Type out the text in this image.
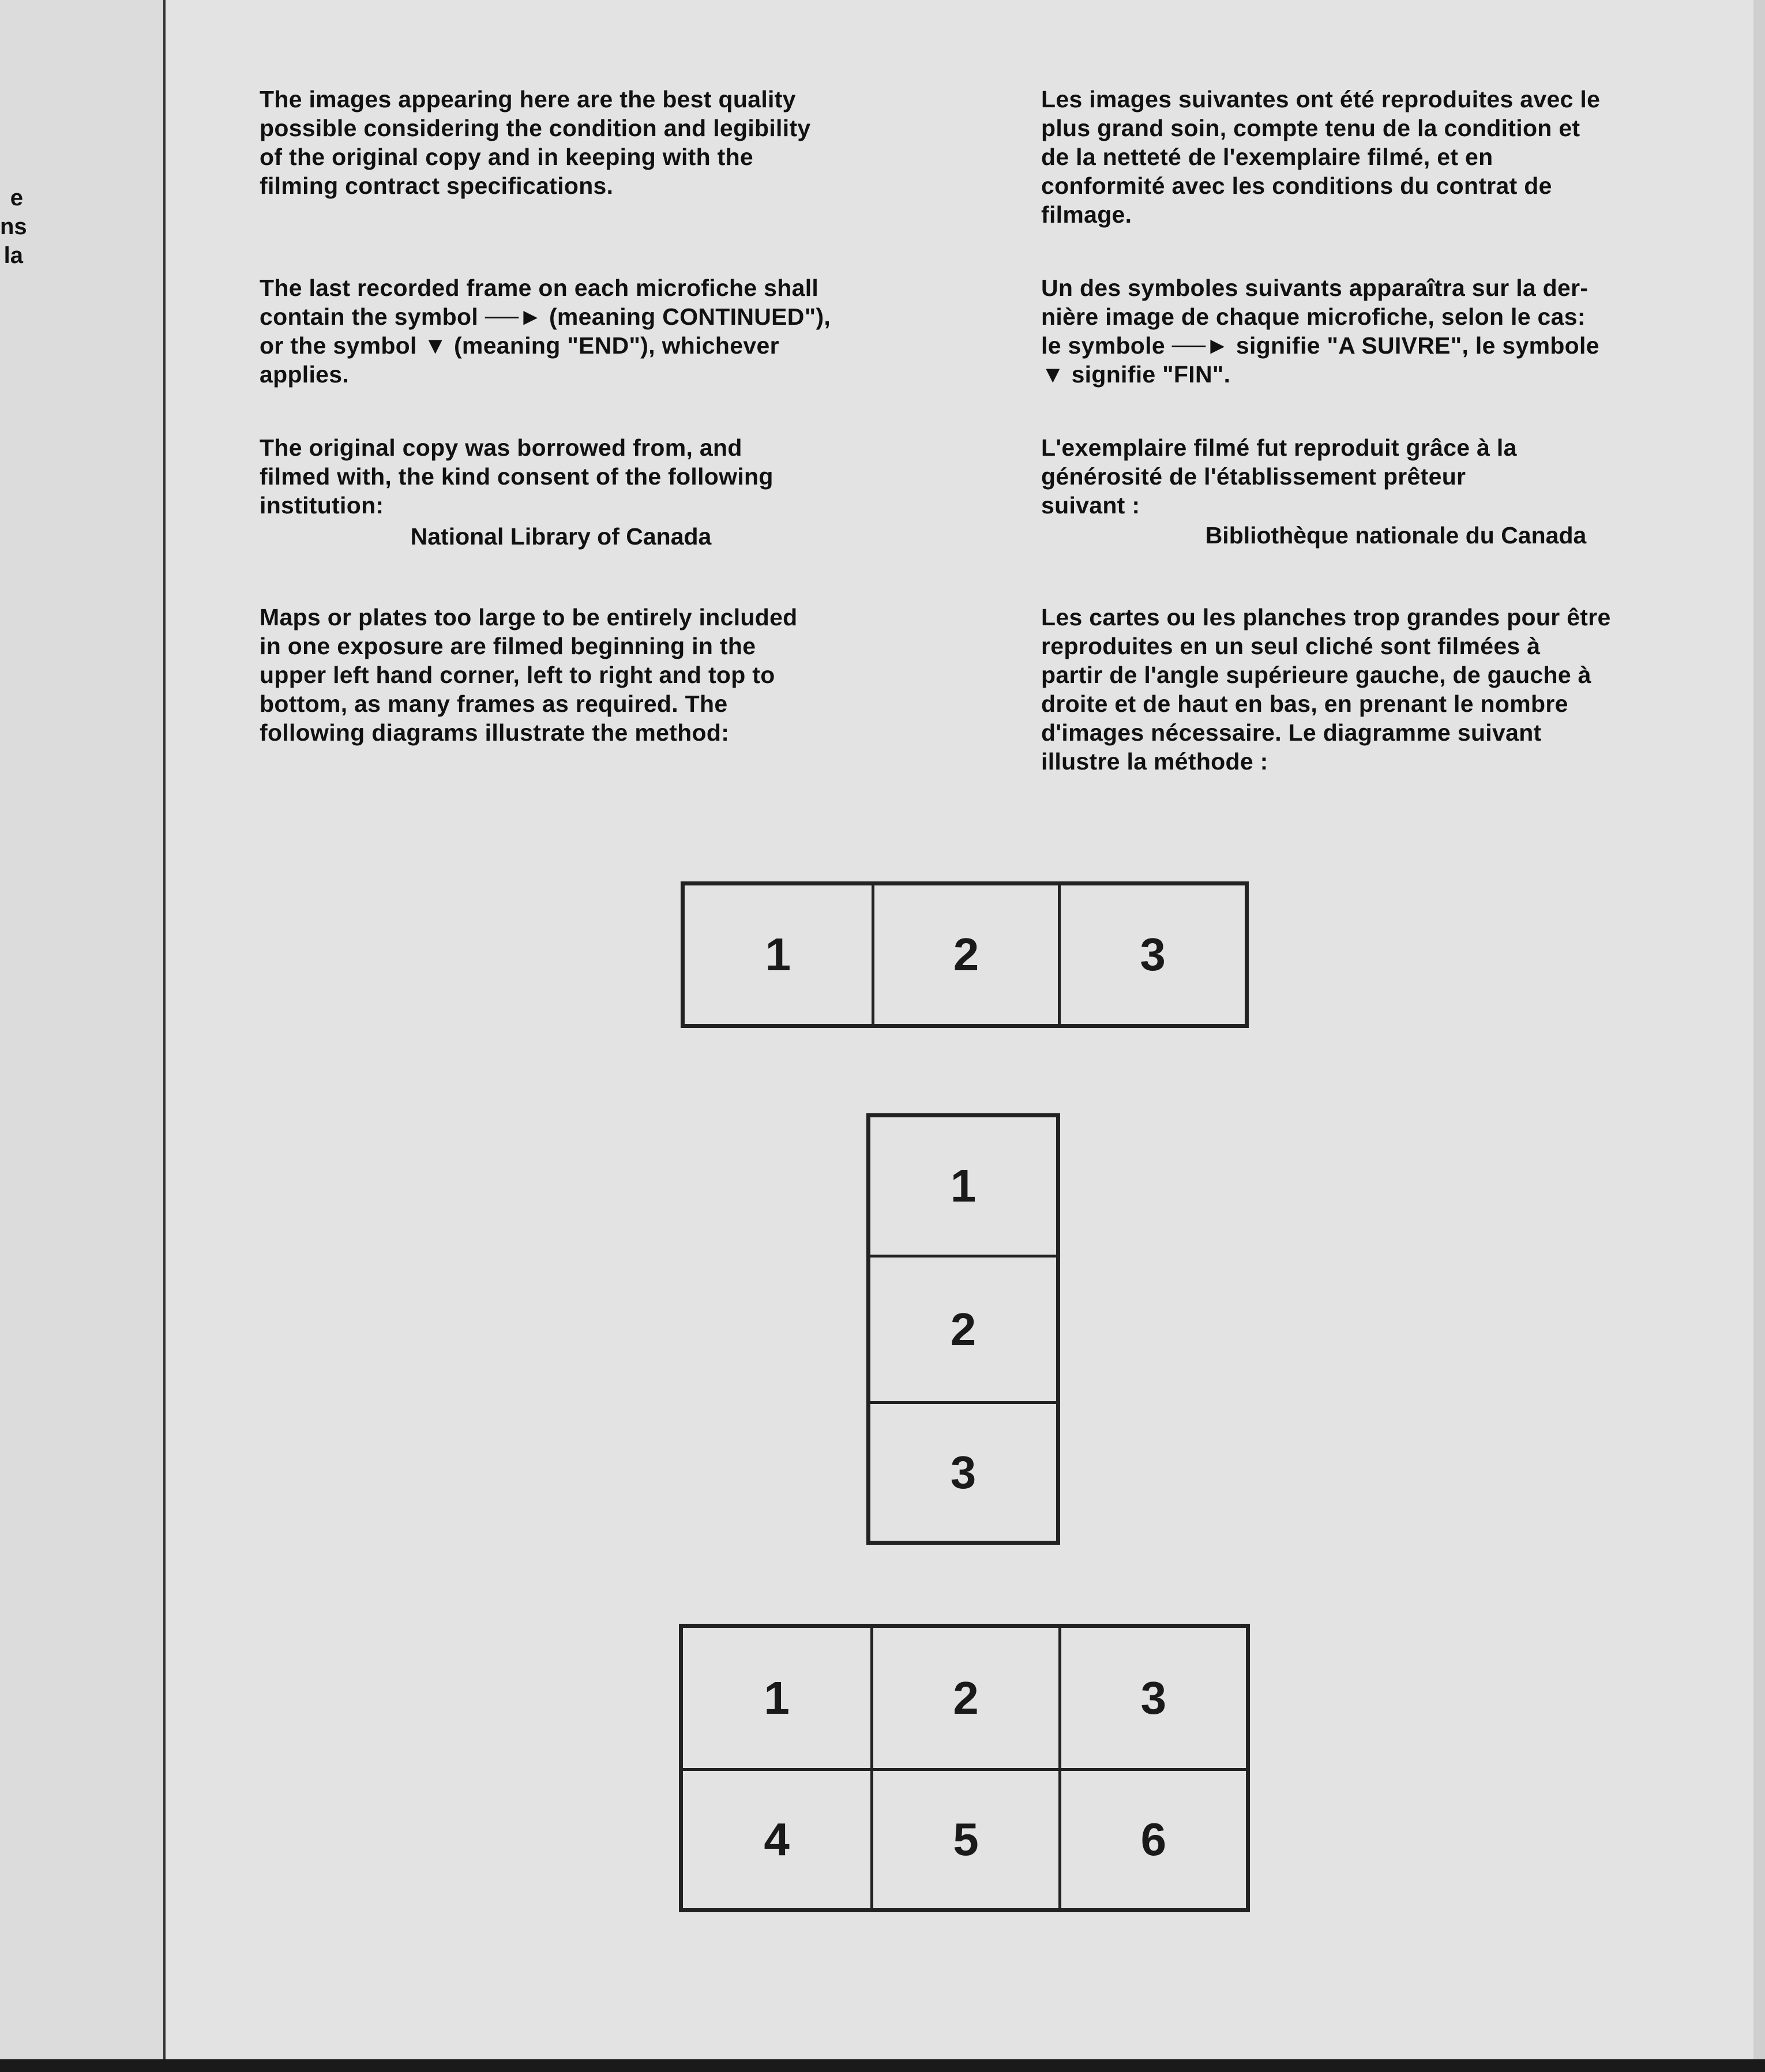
e
ns
la
The images appearing here are the best quality
possible considering the condition and legibility
of the original copy and in keeping with the
filming contract specifications.
The last recorded frame on each microfiche shall
contain the symbol ──► (meaning CONTINUED"),
or the symbol ▼ (meaning "END"), whichever
applies.
The original copy was borrowed from, and
filmed with, the kind consent of the following
institution:
National Library of Canada
Maps or plates too large to be entirely included
in one exposure are filmed beginning in the
upper left hand corner, left to right and top to
bottom, as many frames as required. The
following diagrams illustrate the method:
Les images suivantes ont été reproduites avec le
plus grand soin, compte tenu de la condition et
de la netteté de l'exemplaire filmé, et en
conformité avec les conditions du contrat de
filmage.
Un des symboles suivants apparaîtra sur la der-
nière image de chaque microfiche, selon le cas:
le symbole ──► signifie "A SUIVRE", le symbole
▼ signifie "FIN".
L'exemplaire filmé fut reproduit grâce à la
générosité de l'établissement prêteur
suivant :
Bibliothèque nationale du Canada
Les cartes ou les planches trop grandes pour être
reproduites en un seul cliché sont filmées à
partir de l'angle supérieure gauche, de gauche à
droite et de haut en bas, en prenant le nombre
d'images nécessaire. Le diagramme suivant
illustre la méthode :
1	2	3
1
2
3
1	2	3
4	5	6
